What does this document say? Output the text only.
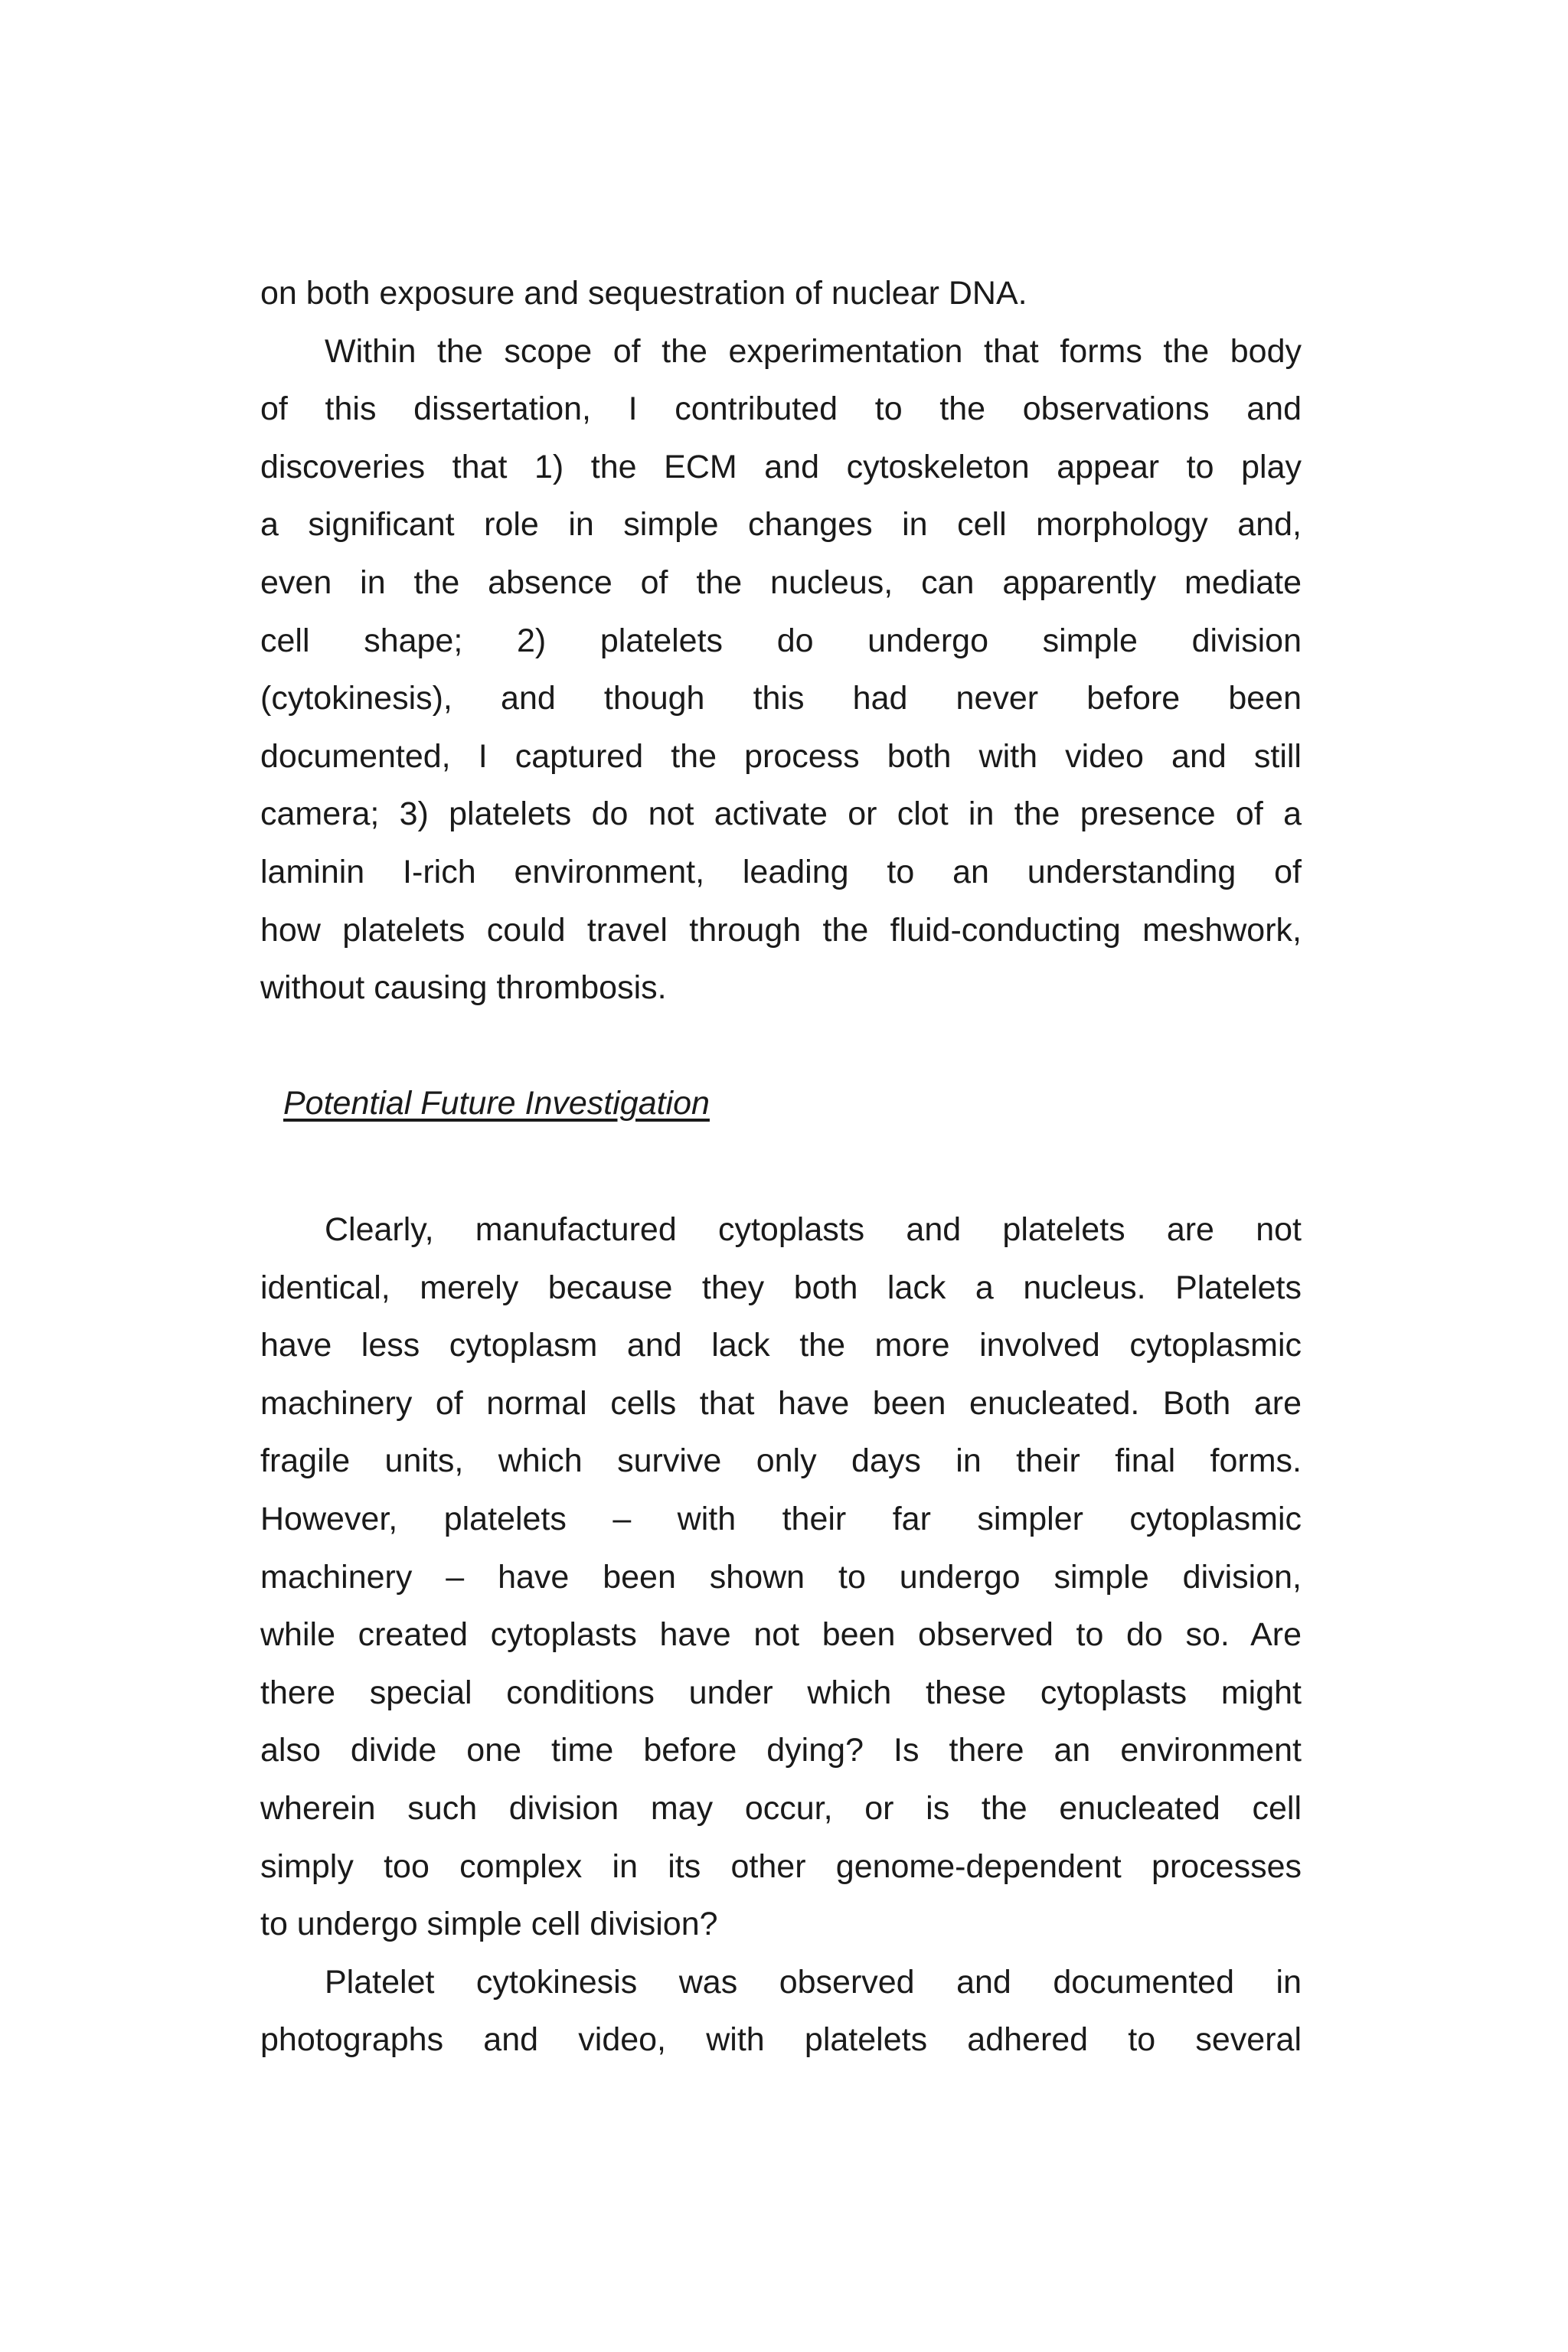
on both exposure and sequestration of nuclear DNA.
Within the scope of the experimentation that forms the body
of this dissertation, I contributed to the observations and
discoveries that 1) the ECM and cytoskeleton appear to play
a significant role in simple changes in cell morphology and,
even in the absence of the nucleus, can apparently mediate
cell shape; 2) platelets do undergo simple division
(cytokinesis), and though this had never before been
documented, I captured the process both with video and still
camera; 3) platelets do not activate or clot in the presence of a
laminin I-rich environment, leading to an understanding of
how platelets could travel through the fluid-conducting meshwork,
without causing thrombosis.
Potential Future Investigation
Clearly, manufactured cytoplasts and platelets are not
identical, merely because they both lack a nucleus. Platelets
have less cytoplasm and lack the more involved cytoplasmic
machinery of normal cells that have been enucleated. Both are
fragile units, which survive only days in their final forms.
However, platelets – with their far simpler cytoplasmic
machinery – have been shown to undergo simple division,
while created cytoplasts have not been observed to do so. Are
there special conditions under which these cytoplasts might
also divide one time before dying? Is there an environment
wherein such division may occur, or is the enucleated cell
simply too complex in its other genome-dependent processes
to undergo simple cell division?
Platelet cytokinesis was observed and documented in
photographs and video, with platelets adhered to several
